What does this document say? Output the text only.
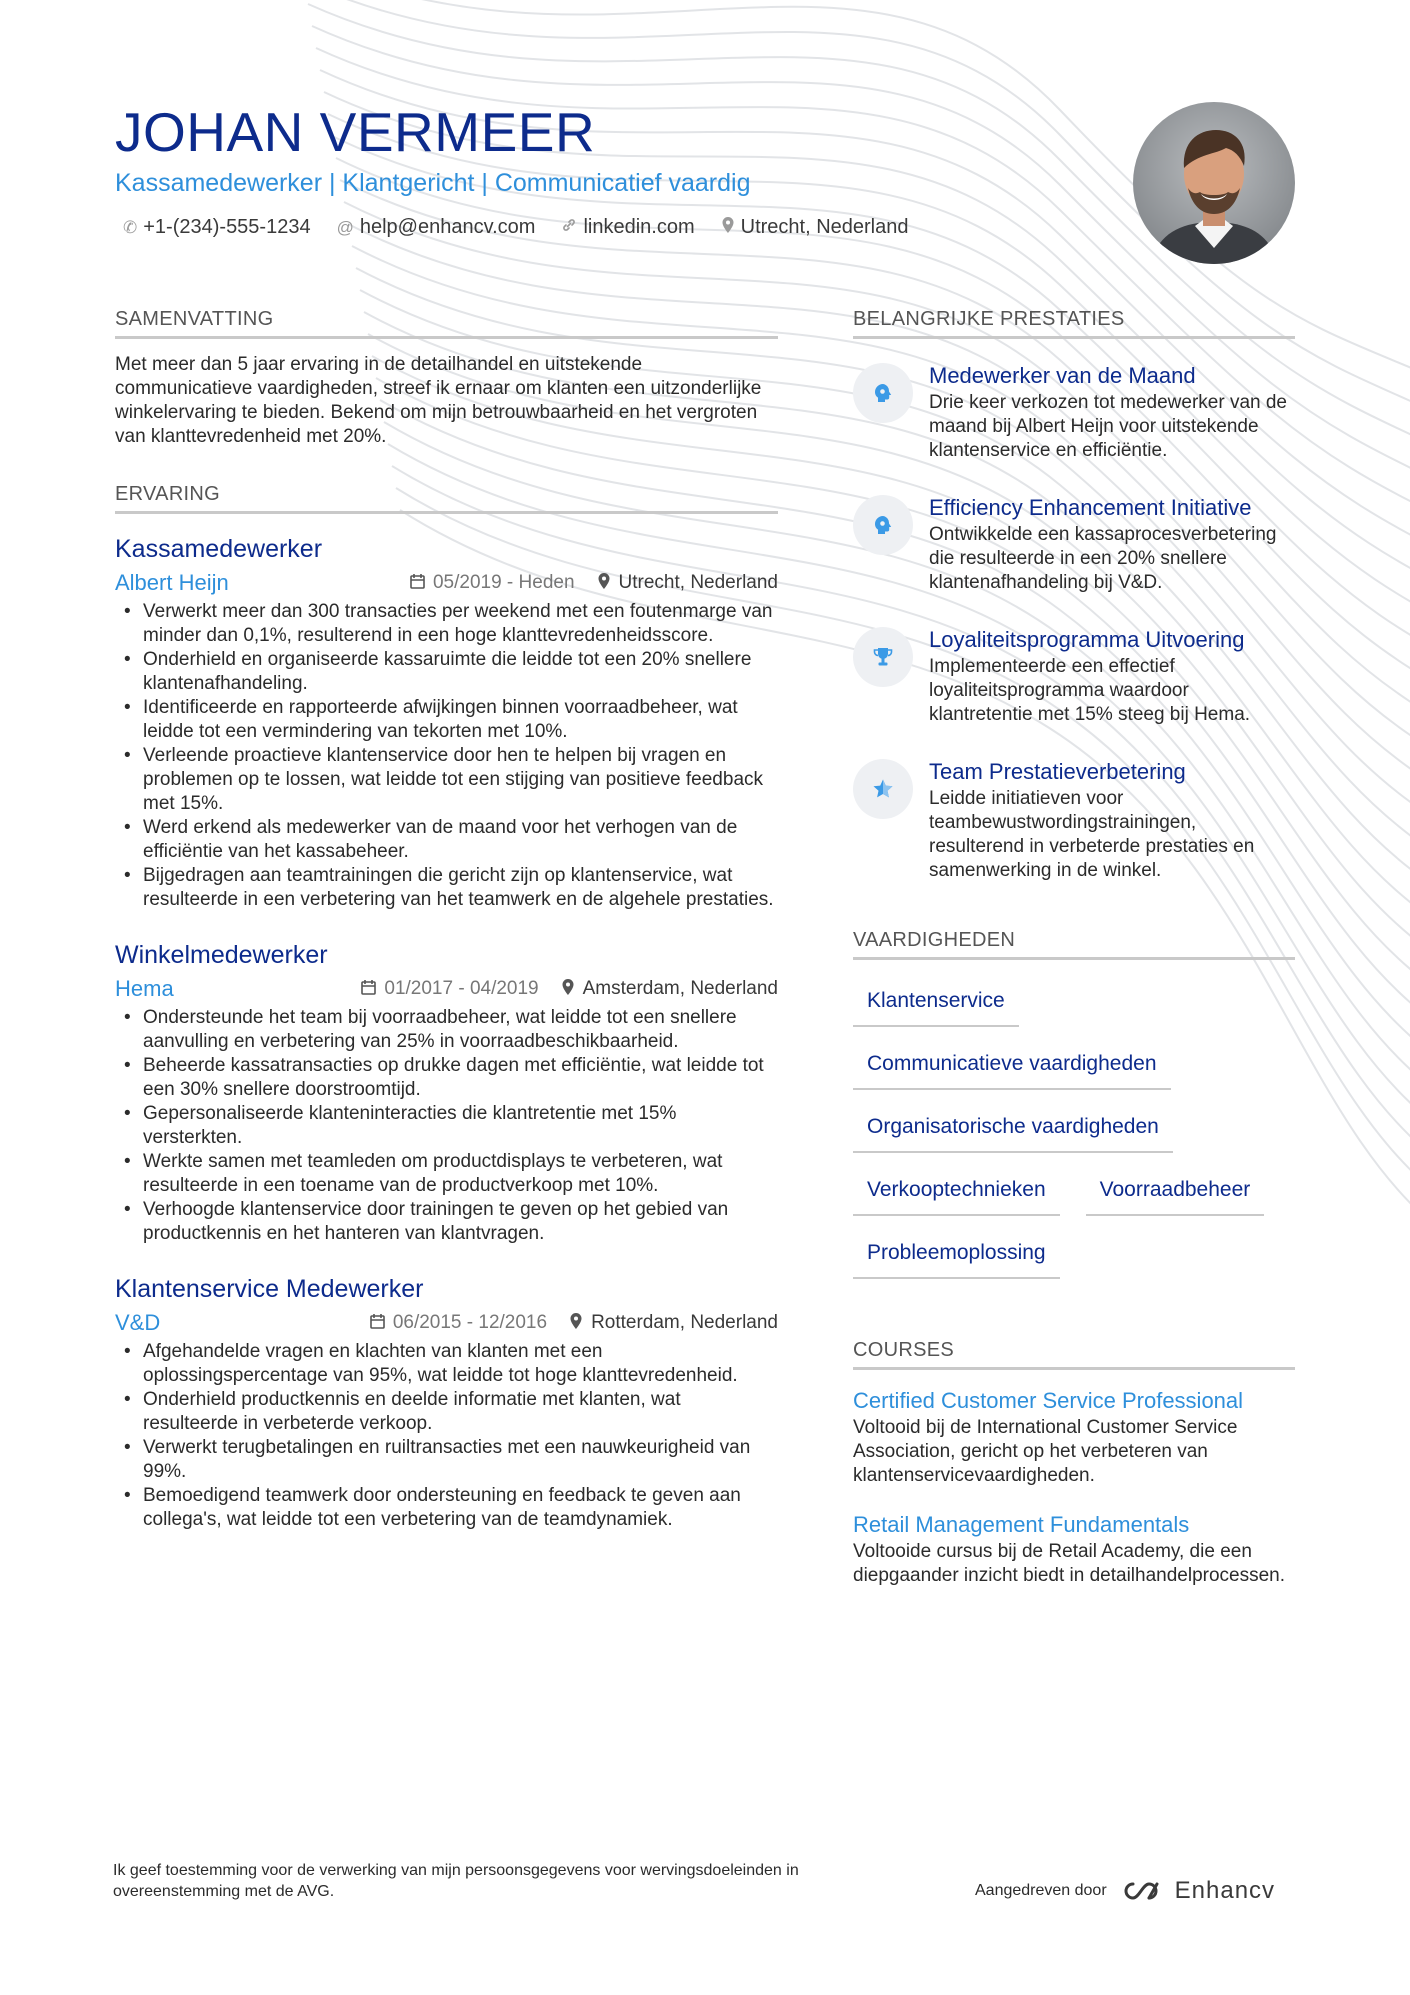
JOHAN VERMEER
Kassamedewerker | Klantgericht | Communicatief vaardig
✆ +1-(234)-555-1234 @ help@enhancv.com linkedin.com Utrecht, Nederland
SAMENVATTING

Met meer dan 5 jaar ervaring in de detailhandel en uitstekende communicatieve vaardigheden, streef ik ernaar om klanten een uitzonderlijke winkelervaring te bieden. Bekend om mijn betrouwbaarheid en het vergroten van klanttevredenheid met 20%.

ERVARING
Kassamedewerker
Albert Heijn	05/2019 - Heden Utrecht, Nederland
• Verwerkt meer dan 300 transacties per weekend met een foutenmarge van minder dan 0,1%, resulterend in een hoge klanttevredenheidsscore.
• Onderhield en organiseerde kassaruimte die leidde tot een 20% snellere klantenafhandeling.
• Identificeerde en rapporteerde afwijkingen binnen voorraadbeheer, wat leidde tot een vermindering van tekorten met 10%.
• Verleende proactieve klantenservice door hen te helpen bij vragen en problemen op te lossen, wat leidde tot een stijging van positieve feedback met 15%.
• Werd erkend als medewerker van de maand voor het verhogen van de efficiëntie van het kassabeheer.
• Bijgedragen aan teamtrainingen die gericht zijn op klantenservice, wat resulteerde in een verbetering van het teamwerk en de algehele prestaties.
Winkelmedewerker
Hema	01/2017 - 04/2019 Amsterdam, Nederland
• Ondersteunde het team bij voorraadbeheer, wat leidde tot een snellere aanvulling en verbetering van 25% in voorraadbeschikbaarheid.
• Beheerde kassatransacties op drukke dagen met efficiëntie, wat leidde tot een 30% snellere doorstroomtijd.
• Gepersonaliseerde klanteninteracties die klantretentie met 15% versterkten.
• Werkte samen met teamleden om productdisplays te verbeteren, wat resulteerde in een toename van de productverkoop met 10%.
• Verhoogde klantenservice door trainingen te geven op het gebied van productkennis en het hanteren van klantvragen.
Klantenservice Medewerker
V&D	06/2015 - 12/2016 Rotterdam, Nederland
• Afgehandelde vragen en klachten van klanten met een oplossingspercentage van 95%, wat leidde tot hoge klanttevredenheid.
• Onderhield productkennis en deelde informatie met klanten, wat resulteerde in verbeterde verkoop.
• Verwerkt terugbetalingen en ruiltransacties met een nauwkeurigheid van 99%.
• Bemoedigend teamwerk door ondersteuning en feedback te geven aan collega's, wat leidde tot een verbetering van de teamdynamiek.
BELANGRIJKE PRESTATIES
Medewerker van de Maand
Drie keer verkozen tot medewerker van de maand bij Albert Heijn voor uitstekende klantenservice en efficiëntie.
Efficiency Enhancement Initiative
Ontwikkelde een kassaprocesverbetering die resulteerde in een 20% snellere klantenafhandeling bij V&D.
Loyaliteitsprogramma Uitvoering
Implementeerde een effectief loyaliteitsprogramma waardoor klantretentie met 15% steeg bij Hema.
Team Prestatieverbetering
Leidde initiatieven voor teambewustwordingstrainingen, resulterend in verbeterde prestaties en samenwerking in de winkel.
VAARDIGHEDEN
Klantenservice
Communicatieve vaardigheden
Organisatorische vaardigheden
Verkooptechnieken	Voorraadbeheer
Probleemoplossing
COURSES
Certified Customer Service Professional
Voltooid bij de International Customer Service Association, gericht op het verbeteren van klantenservicevaardigheden.
Retail Management Fundamentals
Voltooide cursus bij de Retail Academy, die een diepgaander inzicht biedt in detailhandelprocessen.
Ik geef toestemming voor de verwerking van mijn persoonsgegevens voor wervingsdoeleinden in overeenstemming met de AVG.	Aangedreven door	Enhancv
